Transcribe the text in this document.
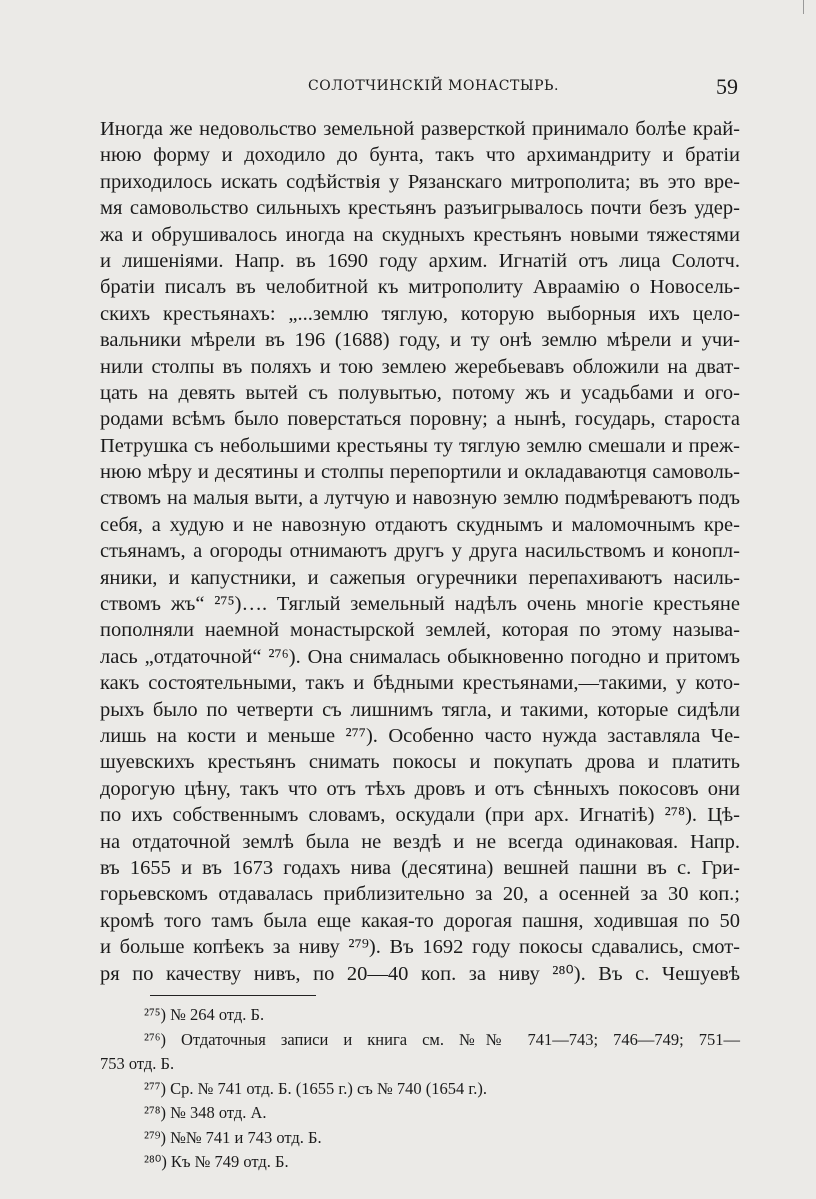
СОЛОТЧИНСКІЙ МОНАСТЫРЬ.	59
Иногда же недовольство земельной разверсткой принимало болѣе край-
нюю форму и доходило до бунта, такъ что архимандриту и братіи
приходилось искать содѣйствія у Рязанскаго митрополита; въ это вре-
мя самовольство сильныхъ крестьянъ разъигрывалось почти безъ удер-
жа и обрушивалось иногда на скудныхъ крестьянъ новыми тяжестями
и лишеніями. Напр. въ 1690 году архим. Игнатій отъ лица Солотч.
братіи писалъ въ челобитной къ митрополиту Авраамію о Новосель-
скихъ крестьянахъ: „...землю тяглую, которую выборныя ихъ цело-
вальники мѣрели въ 196 (1688) году, и ту онѣ землю мѣрели и учи-
нили столпы въ поляхъ и тою землею жеребьевавъ обложили на дват-
цать на девять вытей съ полувытью, потому жъ и усадьбами и ого-
родами всѣмъ было поверстаться поровну; а нынѣ, государь, староста
Петрушка съ небольшими крестьяны ту тяглую землю смешали и преж-
нюю мѣру и десятины и столпы перепортили и окладаваютця самоволь-
ствомъ на малыя выти, а лутчую и навозную землю подмѣреваютъ подъ
себя, а худую и не навозную отдаютъ скуднымъ и маломочнымъ кре-
стьянамъ, а огороды отнимаютъ другъ у друга насильствомъ и конопл-
яники, и капустники, и сажепыя огуречники перепахиваютъ насиль-
ствомъ жъ“ ²⁷⁵)…. Тяглый земельный надѣлъ очень многіе крестьяне
пополняли наемной монастырской землей, которая по этому называ-
лась „отдаточной“ ²⁷⁶). Она снималась обыкновенно погодно и притомъ
какъ состоятельными, такъ и бѣдными крестьянами,—такими, у кото-
рыхъ было по четверти съ лишнимъ тягла, и такими, которые сидѣли
лишь на кости и меньше ²⁷⁷). Особенно часто нужда заставляла Че-
шуевскихъ крестьянъ снимать покосы и покупать дрова и платить
дорогую цѣну, такъ что отъ тѣхъ дровъ и отъ сѣнныхъ покосовъ они
по ихъ собственнымъ словамъ, оскудали (при арх. Игнатіѣ) ²⁷⁸). Цѣ-
на отдаточной землѣ была не вездѣ и не всегда одинаковая. Напр.
въ 1655 и въ 1673 годахъ нива (десятина) вешней пашни въ с. Гри-
горьевскомъ отдавалась приблизительно за 20, а осенней за 30 коп.;
кромѣ того тамъ была еще какая-то дорогая пашня, ходившая по 50
и больше копѣекъ за ниву ²⁷⁹). Въ 1692 году покосы сдавались, смот-
ря по качеству нивъ, по 20—40 коп. за ниву ²⁸⁰). Въ с. Чешуевѣ
²⁷⁵) № 264 отд. Б.
²⁷⁶) Отдаточныя записи и книга см. №№ 741—743; 746—749; 751—
753 отд. Б.
²⁷⁷) Ср. № 741 отд. Б. (1655 г.) съ № 740 (1654 г.).
²⁷⁸) № 348 отд. А.
²⁷⁹) №№ 741 и 743 отд. Б.
²⁸⁰) Къ № 749 отд. Б.
